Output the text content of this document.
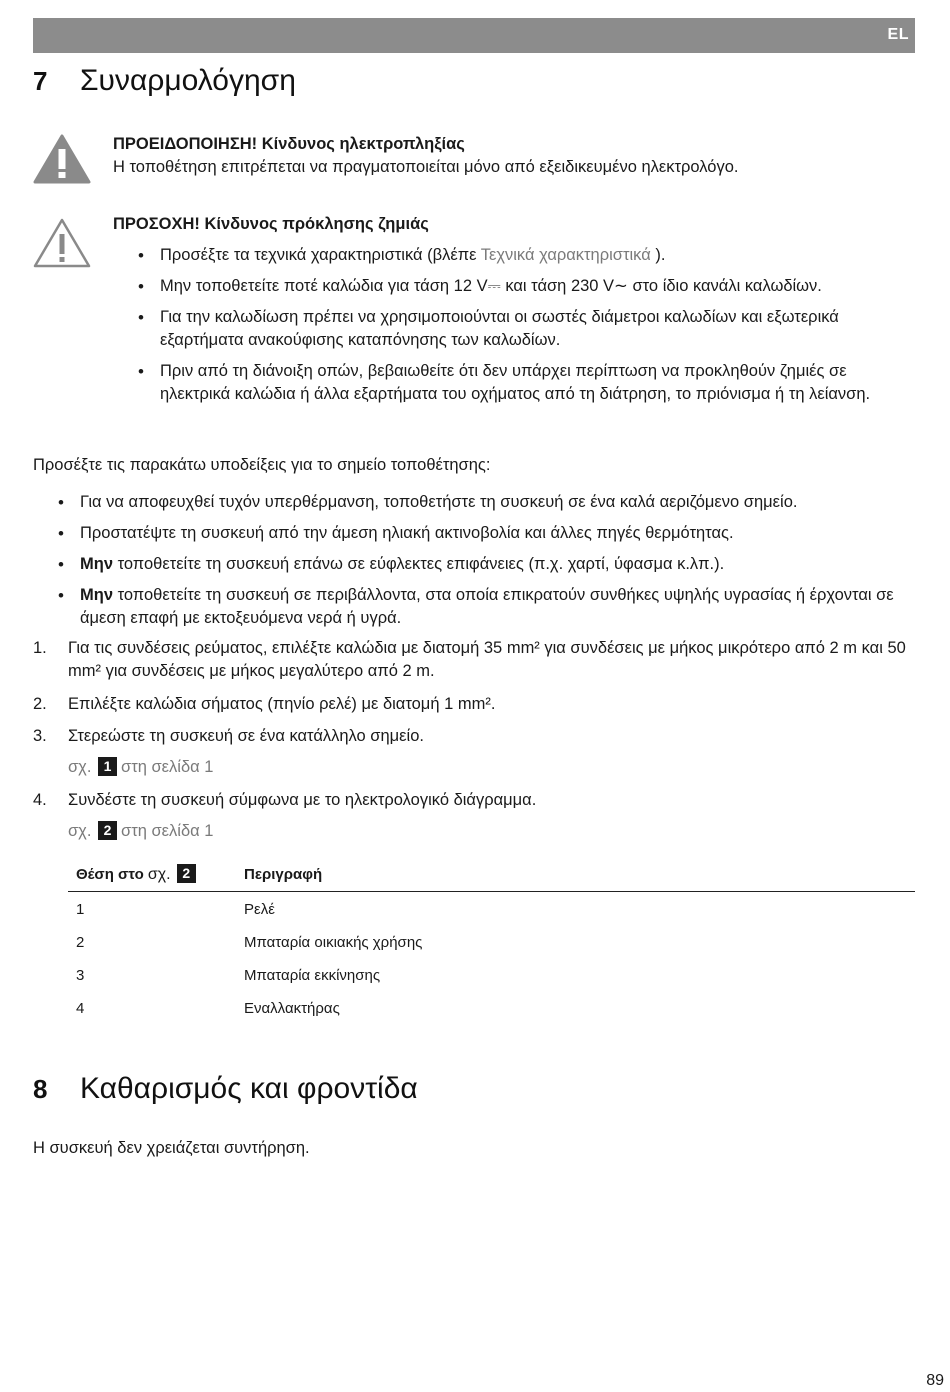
EL
7 Συναρμολόγηση
ΠΡΟΕΙΔΟΠΟΙΗΣΗ! Κίνδυνος ηλεκτροπληξίας
Η τοποθέτηση επιτρέπεται να πραγματοποιείται μόνο από εξειδικευμένο ηλεκτρολόγο.
ΠΡΟΣΟΧΗ! Κίνδυνος πρόκλησης ζημιάς
• Προσέξτε τα τεχνικά χαρακτηριστικά (βλέπε Τεχνικά χαρακτηριστικά ).
• Μην τοποθετείτε ποτέ καλώδια για τάση 12 V⎓ και τάση 230 V∼ στο ίδιο κανάλι καλωδίων.
• Για την καλωδίωση πρέπει να χρησιμοποιούνται οι σωστές διάμετροι καλωδίων και εξωτερικά εξαρτήματα ανακούφισης καταπόνησης των καλωδίων.
• Πριν από τη διάνοιξη οπών, βεβαιωθείτε ότι δεν υπάρχει περίπτωση να προκληθούν ζημιές σε ηλεκτρικά καλώδια ή άλλα εξαρτήματα του οχήματος από τη διάτρηση, το πριόνισμα ή τη λείανση.

Προσέξτε τις παρακάτω υποδείξεις για το σημείο τοποθέτησης:

• Για να αποφευχθεί τυχόν υπερθέρμανση, τοποθετήστε τη συσκευή σε ένα καλά αεριζόμενο σημείο.
• Προστατέψτε τη συσκευή από την άμεση ηλιακή ακτινοβολία και άλλες πηγές θερμότητας.
• Μην τοποθετείτε τη συσκευή επάνω σε εύφλεκτες επιφάνειες (π.χ. χαρτί, ύφασμα κ.λπ.).
• Μην τοποθετείτε τη συσκευή σε περιβάλλοντα, στα οποία επικρατούν συνθήκες υψηλής υγρασίας ή έρχονται σε άμεση επαφή με εκτοξευόμενα νερά ή υγρά.
1. Για τις συνδέσεις ρεύματος, επιλέξτε καλώδια με διατομή 35 mm² για συνδέσεις με μήκος μικρότερο από 2 m και 50 mm² για συνδέσεις με μήκος μεγαλύτερο από 2 m.
2. Επιλέξτε καλώδια σήματος (πηνίο ρελέ) με διατομή 1 mm².
3. Στερεώστε τη συσκευή σε ένα κατάλληλο σημείο.
σχ. 1 στη σελίδα 1
4. Συνδέστε τη συσκευή σύμφωνα με το ηλεκτρολογικό διάγραμμα.
σχ. 2 στη σελίδα 1
Θέση στο σχ. 2	Περιγραφή
1	Ρελέ
2	Μπαταρία οικιακής χρήσης
3	Μπαταρία εκκίνησης
4	Εναλλακτήρας
8 Καθαρισμός και φροντίδα

Η συσκευή δεν χρειάζεται συντήρηση.

89
